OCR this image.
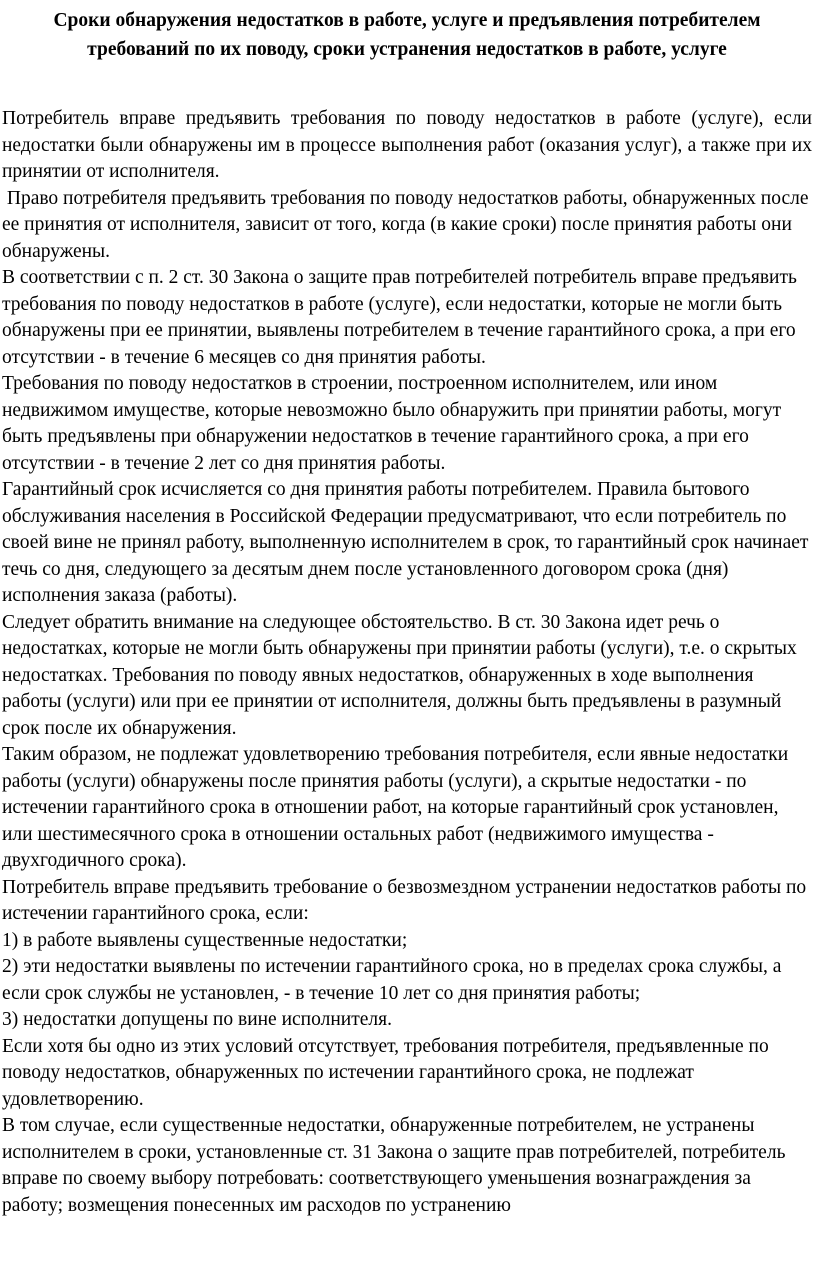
Сроки обнаружения недостатков в работе, услуге и предъявления потребителем требований по их поводу, сроки устранения недостатков в работе, услуге

Потребитель вправе предъявить требования по поводу недостатков в работе (услуге), если недостатки были обнаружены им в процессе выполнения работ (оказания услуг), а также при их принятии от исполнителя.

Право потребителя предъявить требования по поводу недостатков работы, обнаруженных после ее принятия от исполнителя, зависит от того, когда (в какие сроки) после принятия работы они обнаружены.

В соответствии с п. 2 ст. 30 Закона о защите прав потребителей потребитель вправе предъявить требования по поводу недостатков в работе (услуге), если недостатки, которые не могли быть обнаружены при ее принятии, выявлены потребителем в течение гарантийного срока, а при его отсутствии - в течение 6 месяцев со дня принятия работы.

Требования по поводу недостатков в строении, построенном исполнителем, или ином недвижимом имуществе, которые невозможно было обнаружить при принятии работы, могут быть предъявлены при обнаружении недостатков в течение гарантийного срока, а при его отсутствии - в течение 2 лет со дня принятия работы.

Гарантийный срок исчисляется со дня принятия работы потребителем. Правила бытового обслуживания населения в Российской Федерации предусматривают, что если потребитель по своей вине не принял работу, выполненную исполнителем в срок, то гарантийный срок начинает течь со дня, следующего за десятым днем после установленного договором срока (дня) исполнения заказа (работы).

Следует обратить внимание на следующее обстоятельство. В ст. 30 Закона идет речь о недостатках, которые не могли быть обнаружены при принятии работы (услуги), т.е. о скрытых недостатках. Требования по поводу явных недостатков, обнаруженных в ходе выполнения работы (услуги) или при ее принятии от исполнителя, должны быть предъявлены в разумный срок после их обнаружения.

Таким образом, не подлежат удовлетворению требования потребителя, если явные недостатки работы (услуги) обнаружены после принятия работы (услуги), а скрытые недостатки - по истечении гарантийного срока в отношении работ, на которые гарантийный срок установлен, или шестимесячного срока в отношении остальных работ (недвижимого имущества - двухгодичного срока).

Потребитель вправе предъявить требование о безвозмездном устранении недостатков работы по истечении гарантийного срока, если:

1) в работе выявлены существенные недостатки;

2) эти недостатки выявлены по истечении гарантийного срока, но в пределах срока службы, а если срок службы не установлен, - в течение 10 лет со дня принятия работы;

3) недостатки допущены по вине исполнителя.

Если хотя бы одно из этих условий отсутствует, требования потребителя, предъявленные по поводу недостатков, обнаруженных по истечении гарантийного срока, не подлежат удовлетворению.

В том случае, если существенные недостатки, обнаруженные потребителем, не устранены исполнителем в сроки, установленные ст. 31 Закона о защите прав потребителей, потребитель вправе по своему выбору потребовать: соответствующего уменьшения вознаграждения за работу; возмещения понесенных им расходов по устранению
